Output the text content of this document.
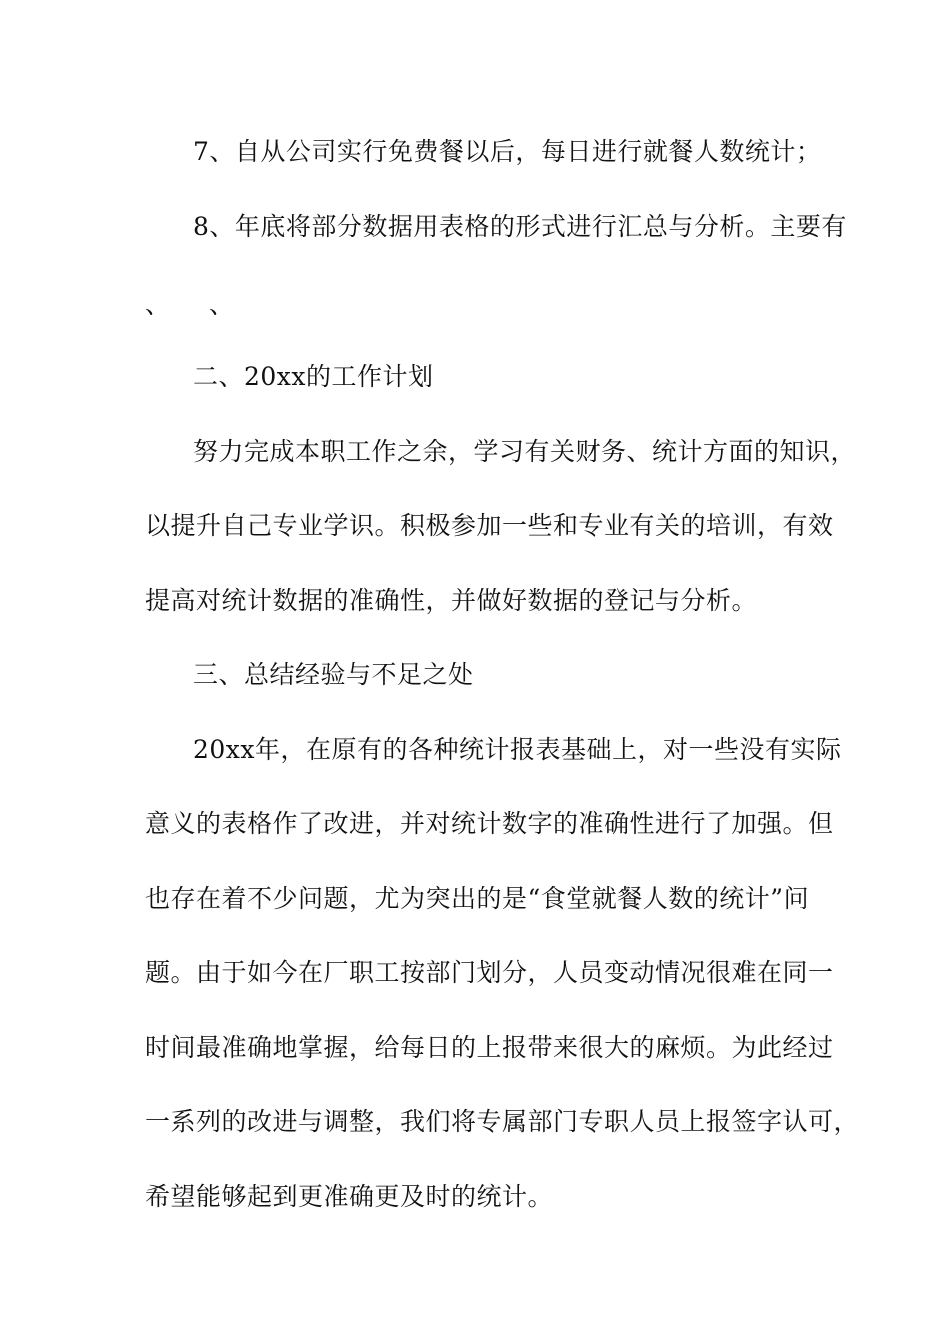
7、自从公司实行免费餐以后，每日进行就餐人数统计；
8、年底将部分数据用表格的形式进行汇总与分析。主要有
、　　、
二、20xx的工作计划
努力完成本职工作之余，学习有关财务、统计方面的知识，
以提升自己专业学识。积极参加一些和专业有关的培训，有效
提高对统计数据的准确性，并做好数据的登记与分析。
三、总结经验与不足之处
20xx年，在原有的各种统计报表基础上，对一些没有实际
意义的表格作了改进，并对统计数字的准确性进行了加强。但
也存在着不少问题，尤为突出的是“食堂就餐人数的统计”问
题。由于如今在厂职工按部门划分，人员变动情况很难在同一
时间最准确地掌握，给每日的上报带来很大的麻烦。为此经过
一系列的改进与调整，我们将专属部门专职人员上报签字认可，
希望能够起到更准确更及时的统计。
